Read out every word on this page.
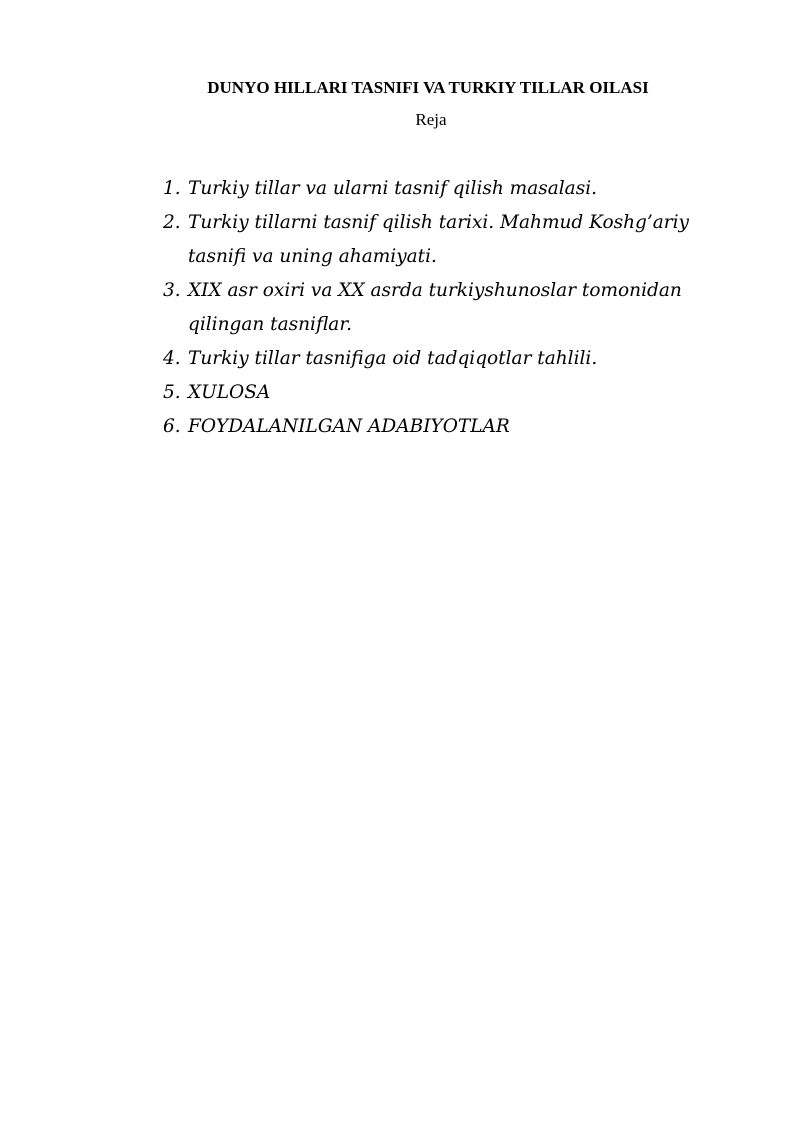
DUNYO HILLARI TASNIFI VA TURKIY TILLAR OILASI
Reja
1. Turkiy tillar va ularni tasnif qilish masalasi.
2. Turkiy tillarni tasnif qilish tarixi. Mahmud Koshg’ariy tasnifi va uning ahamiyati.
3. XIX asr oxiri va XX asrda turkiyshunoslar tomonidan qilingan tasniflar.
4. Turkiy tillar tasnifiga oid tadqiqotlar tahlili.
5. XULOSA
6. FOYDALANILGAN ADABIYOTLAR
